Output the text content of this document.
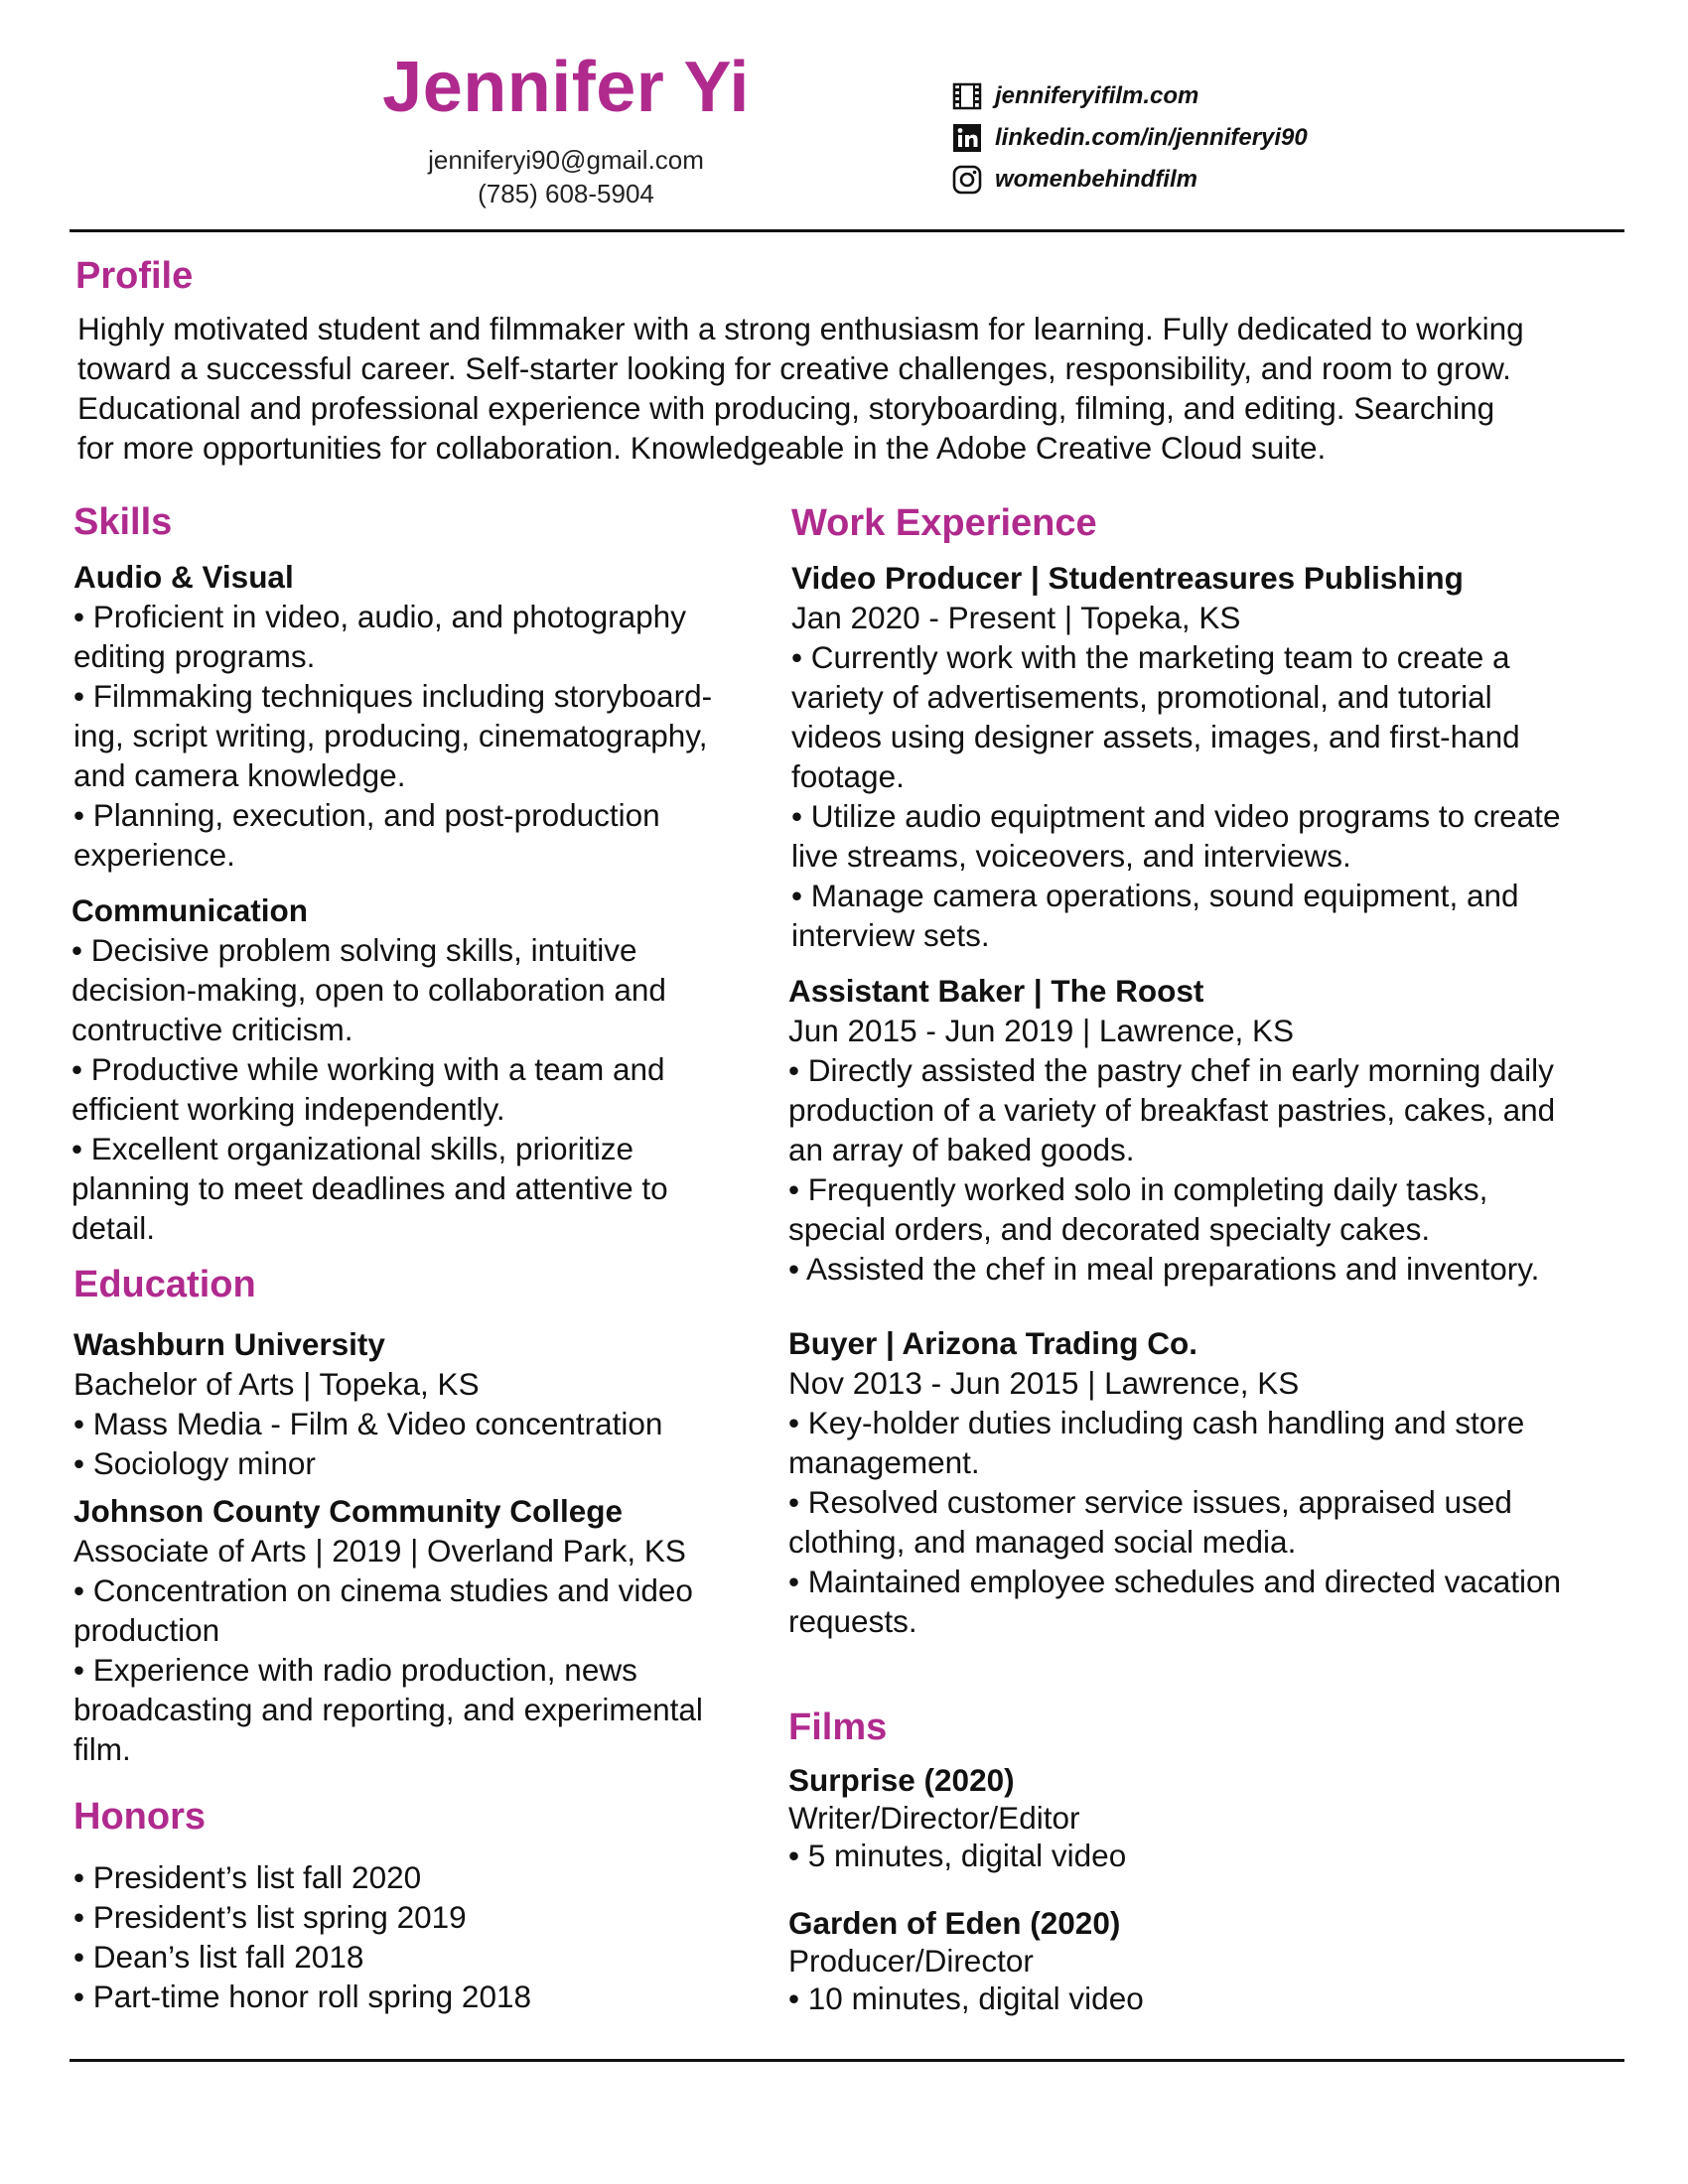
Jennifer Yi
jenniferyi90@gmail.com
(785) 608-5904
jenniferyifilm.com
linkedin.com/in/jenniferyi90
womenbehindfilm
Profile
Highly motivated student and filmmaker with a strong enthusiasm for learning. Fully dedicated to working
toward a successful career. Self-starter looking for creative challenges, responsibility, and room to grow.
Educational and professional experience with producing, storyboarding, filming, and editing. Searching
for more opportunities for collaboration. Knowledgeable in the Adobe Creative Cloud suite.
Skills
Audio & Visual
• Proficient in video, audio, and photography
editing programs.
• Filmmaking techniques including storyboard-
ing, script writing, producing, cinematography,
and camera knowledge.
• Planning, execution, and post-production
experience.
Communication
• Decisive problem solving skills, intuitive
decision-making, open to collaboration and
contructive criticism.
• Productive while working with a team and
efficient working independently.
• Excellent organizational skills, prioritize
planning to meet deadlines and attentive to
detail.
Education
Washburn University
Bachelor of Arts | Topeka, KS
• Mass Media - Film & Video concentration
• Sociology minor
Johnson County Community College
Associate of Arts | 2019 | Overland Park, KS
• Concentration on cinema studies and video
production
• Experience with radio production, news
broadcasting and reporting, and experimental
film.
Honors
• President’s list fall 2020
• President’s list spring 2019
• Dean’s list fall 2018
• Part-time honor roll spring 2018
Work Experience
Video Producer | Studentreasures Publishing
Jan 2020 - Present | Topeka, KS
• Currently work with the marketing team to create a
variety of advertisements, promotional, and tutorial
videos using designer assets, images, and first-hand
footage.
• Utilize audio equiptment and video programs to create
live streams, voiceovers, and interviews.
• Manage camera operations, sound equipment, and
interview sets.
Assistant Baker | The Roost
Jun 2015 - Jun 2019 | Lawrence, KS
• Directly assisted the pastry chef in early morning daily
production of a variety of breakfast pastries, cakes, and
an array of baked goods.
• Frequently worked solo in completing daily tasks,
special orders, and decorated specialty cakes.
• Assisted the chef in meal preparations and inventory.
Buyer | Arizona Trading Co.
Nov 2013 - Jun 2015 | Lawrence, KS
• Key-holder duties including cash handling and store
management.
• Resolved customer service issues, appraised used
clothing, and managed social media.
• Maintained employee schedules and directed vacation
requests.
Films
Surprise (2020)
Writer/Director/Editor
• 5 minutes, digital video
Garden of Eden (2020)
Producer/Director
• 10 minutes, digital video
